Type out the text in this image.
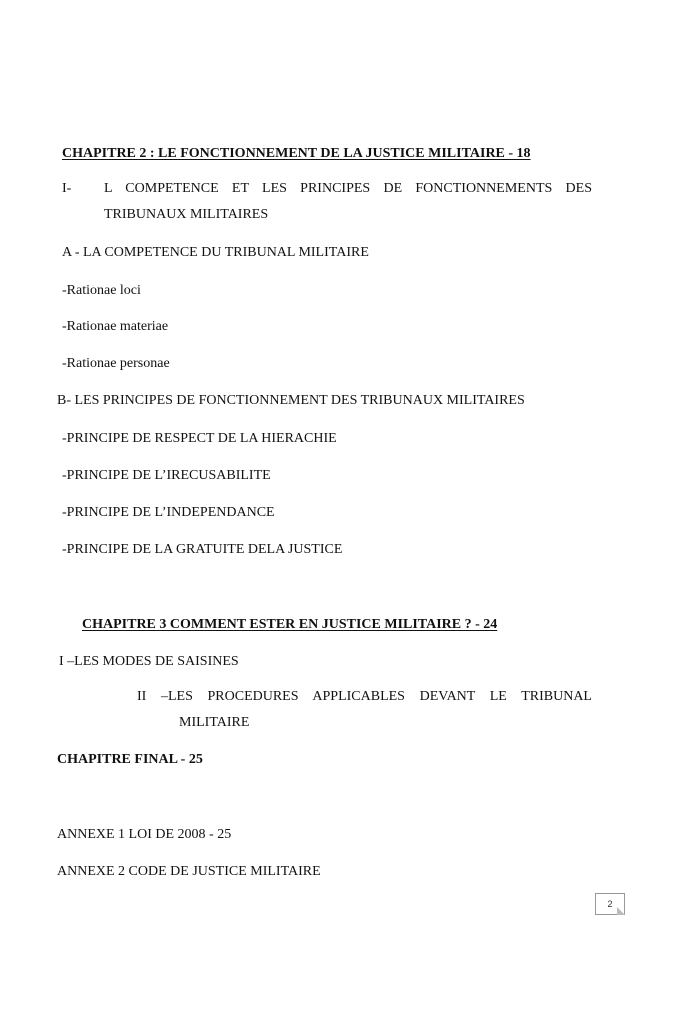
CHAPITRE 2 : LE FONCTIONNEMENT DE LA JUSTICE MILITAIRE - 18
I- L COMPETENCE ET LES PRINCIPES DE FONCTIONNEMENTS DES
TRIBUNAUX MILITAIRES
A - LA COMPETENCE DU TRIBUNAL MILITAIRE
-Rationae loci
-Rationae materiae
-Rationae personae
B- LES PRINCIPES DE FONCTIONNEMENT DES TRIBUNAUX MILITAIRES
-PRINCIPE DE RESPECT DE LA HIERACHIE
-PRINCIPE DE L’IRECUSABILITE
-PRINCIPE DE L’INDEPENDANCE
-PRINCIPE DE LA GRATUITE DELA JUSTICE
CHAPITRE 3 COMMENT ESTER EN JUSTICE MILITAIRE ? - 24
I –LES MODES DE SAISINES
II –LES PROCEDURES APPLICABLES DEVANT LE TRIBUNAL
MILITAIRE
CHAPITRE FINAL - 25
ANNEXE 1 LOI DE 2008 - 25
ANNEXE 2 CODE DE JUSTICE MILITAIRE
2
